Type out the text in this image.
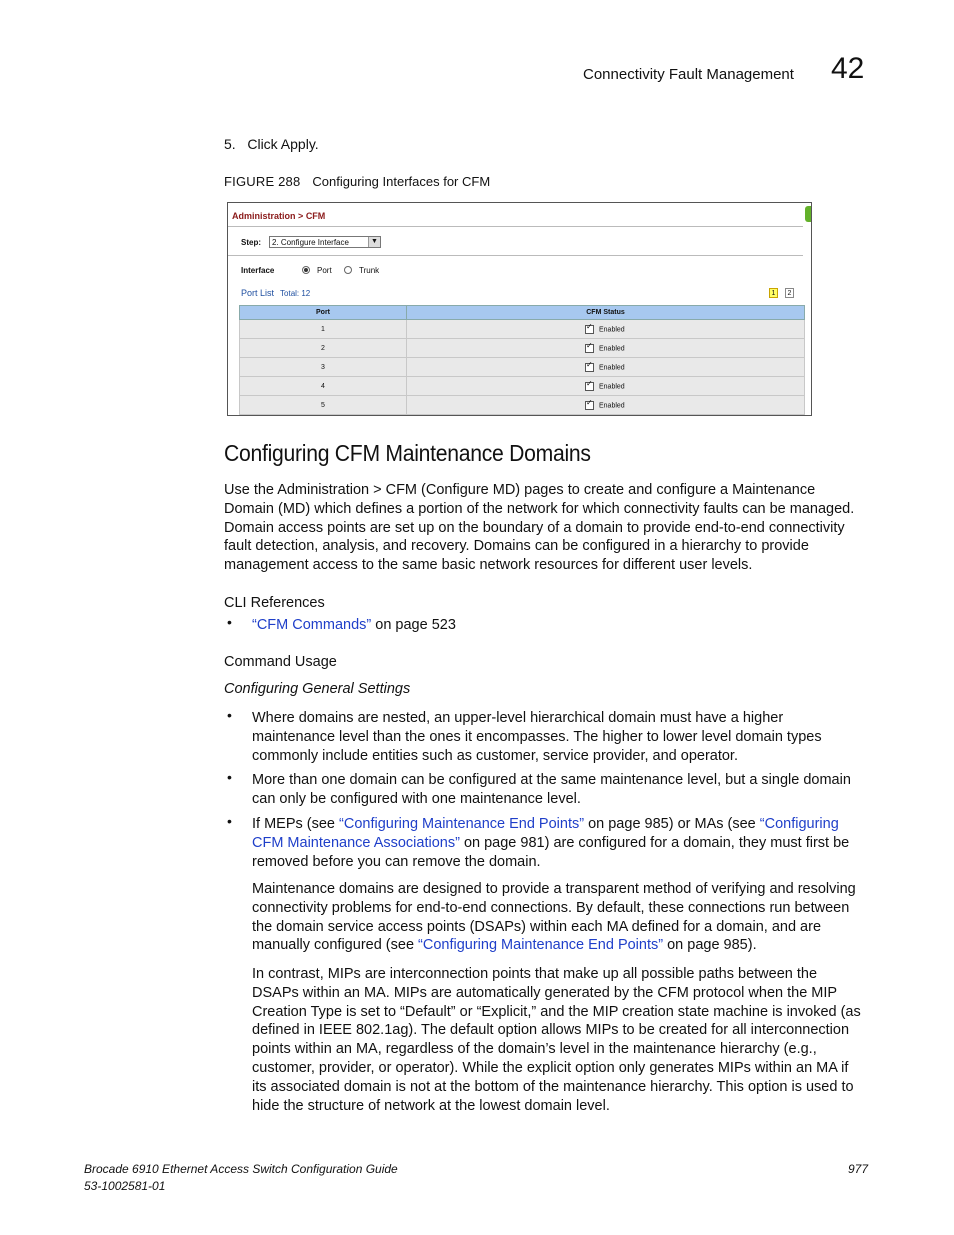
Connectivity Fault Management 42
5.   Click Apply.
FIGURE 288 Configuring Interfaces for CFM
Administration > CFM
Step:	2. Configure Interface	▼
Interface	Port	Trunk
Port List Total: 12	1	2
Port	CFM Status
1	✓Enabled
2	✓Enabled
3	✓Enabled
4	✓Enabled
5	✓Enabled
Configuring CFM Maintenance Domains
Use the Administration > CFM (Configure MD) pages to create and configure a Maintenance
Domain (MD) which defines a portion of the network for which connectivity faults can be managed.
Domain access points are set up on the boundary of a domain to provide end-to-end connectivity
fault detection, analysis, and recovery. Domains can be configured in a hierarchy to provide
management access to the same basic network resources for different user levels.
CLI References
• “CFM Commands” on page 523
Command Usage
Configuring General Settings
• Where domains are nested, an upper-level hierarchical domain must have a higher
maintenance level than the ones it encompasses. The higher to lower level domain types
commonly include entities such as customer, service provider, and operator.
• More than one domain can be configured at the same maintenance level, but a single domain
can only be configured with one maintenance level.
• If MEPs (see “Configuring Maintenance End Points” on page 985) or MAs (see “Configuring
CFM Maintenance Associations” on page 981) are configured for a domain, they must first be
removed before you can remove the domain.
Maintenance domains are designed to provide a transparent method of verifying and resolving
connectivity problems for end-to-end connections. By default, these connections run between
the domain service access points (DSAPs) within each MA defined for a domain, and are
manually configured (see “Configuring Maintenance End Points” on page 985).
In contrast, MIPs are interconnection points that make up all possible paths between the
DSAPs within an MA. MIPs are automatically generated by the CFM protocol when the MIP
Creation Type is set to “Default” or “Explicit,” and the MIP creation state machine is invoked (as
defined in IEEE 802.1ag). The default option allows MIPs to be created for all interconnection
points within an MA, regardless of the domain’s level in the maintenance hierarchy (e.g.,
customer, provider, or operator). While the explicit option only generates MIPs within an MA if
its associated domain is not at the bottom of the maintenance hierarchy. This option is used to
hide the structure of network at the lowest domain level.
Brocade 6910 Ethernet Access Switch Configuration Guide
53-1002581-01
977
